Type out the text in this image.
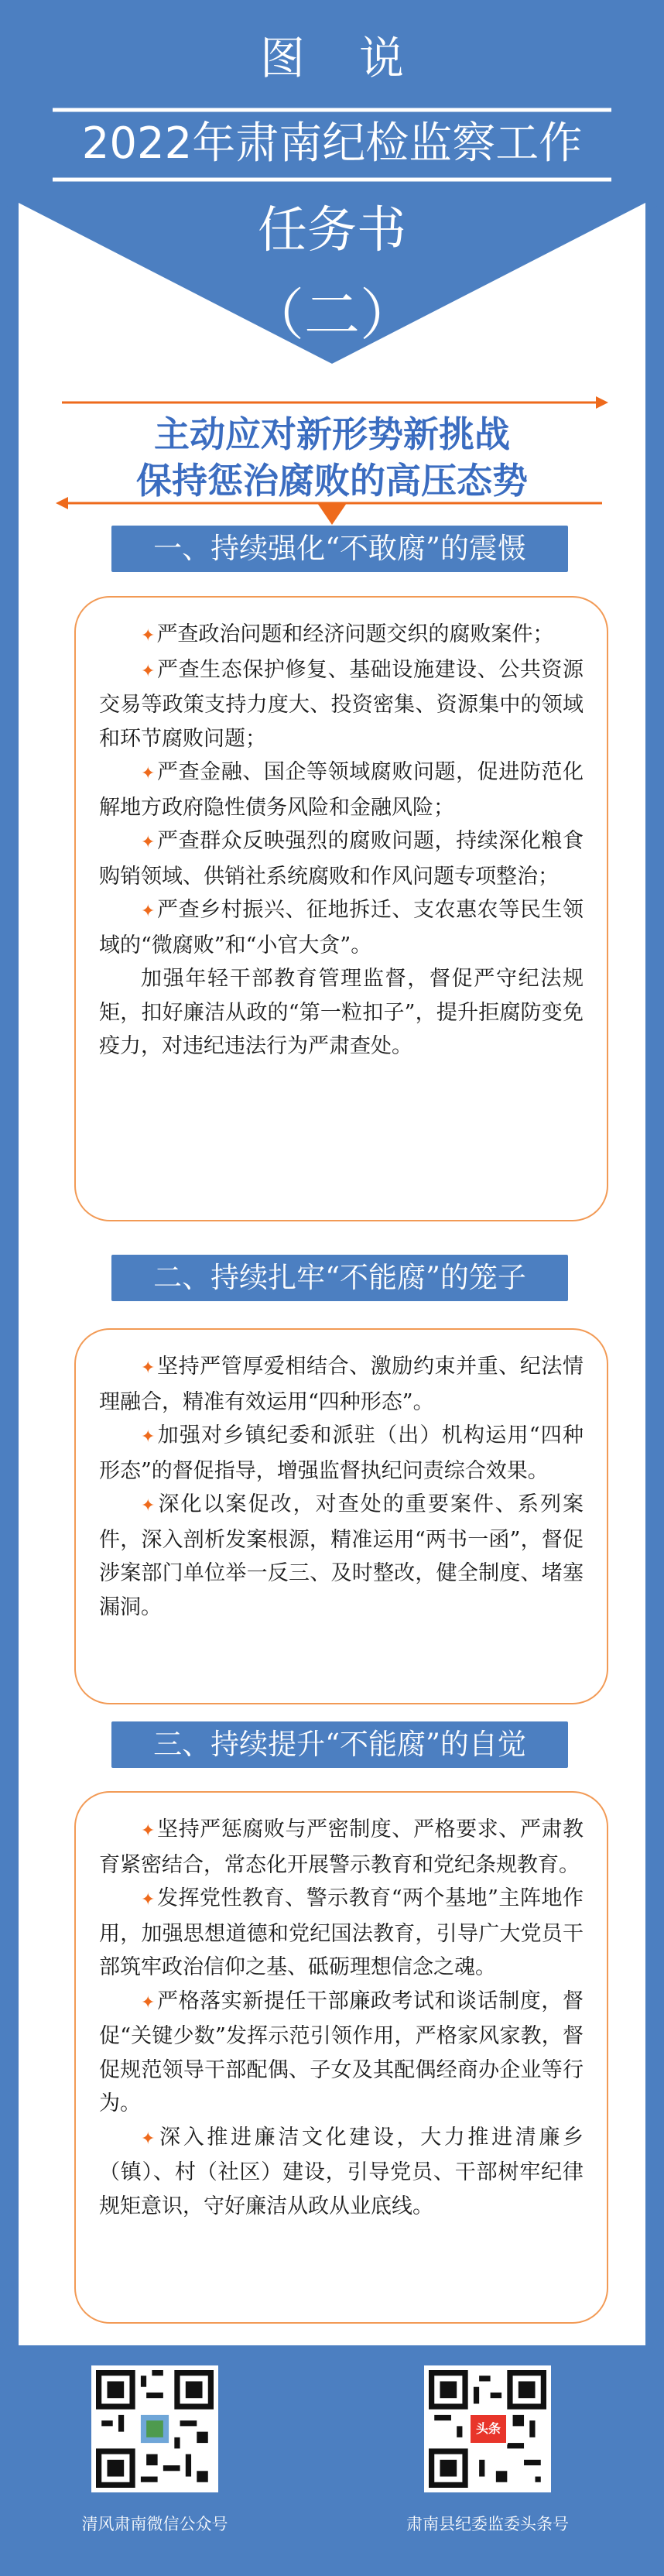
图说
2022年肃南纪检监察工作
任务书
（二）
主动应对新形势新挑战
保持惩治腐败的高压态势
一、持续强化“不敢腐”的震慑

✦严查政治问题和经济问题交织的腐败案件；

✦严查生态保护修复、基础设施建设、公共资源交易等政策支持力度大、投资密集、资源集中的领域和环节腐败问题；

✦严查金融、国企等领域腐败问题，促进防范化解地方政府隐性债务风险和金融风险；

✦严查群众反映强烈的腐败问题，持续深化粮食购销领域、供销社系统腐败和作风问题专项整治；

✦严查乡村振兴、征地拆迁、支农惠农等民生领域的“微腐败”和“小官大贪”。

加强年轻干部教育管理监督，督促严守纪法规矩，扣好廉洁从政的“第一粒扣子”，提升拒腐防变免疫力，对违纪违法行为严肃查处。

二、持续扎牢“不能腐”的笼子

✦坚持严管厚爱相结合、激励约束并重、纪法情理融合，精准有效运用“四种形态”。

✦加强对乡镇纪委和派驻（出）机构运用“四种形态”的督促指导，增强监督执纪问责综合效果。

✦深化以案促改，对查处的重要案件、系列案件，深入剖析发案根源，精准运用“两书一函”，督促涉案部门单位举一反三、及时整改，健全制度、堵塞漏洞。

三、持续提升“不能腐”的自觉

✦坚持严惩腐败与严密制度、严格要求、严肃教育紧密结合，常态化开展警示教育和党纪条规教育。

✦发挥党性教育、警示教育“两个基地”主阵地作用，加强思想道德和党纪国法教育，引导广大党员干部筑牢政治信仰之基、砥砺理想信念之魂。

✦严格落实新提任干部廉政考试和谈话制度，督促“关键少数”发挥示范引领作用，严格家风家教，督促规范领导干部配偶、子女及其配偶经商办企业等行为。

✦深入推进廉洁文化建设，大力推进清廉乡（镇）、村（社区）建设，引导党员、干部树牢纪律规矩意识，守好廉洁从政从业底线。

清风肃南微信公众号
头条
肃南县纪委监委头条号
